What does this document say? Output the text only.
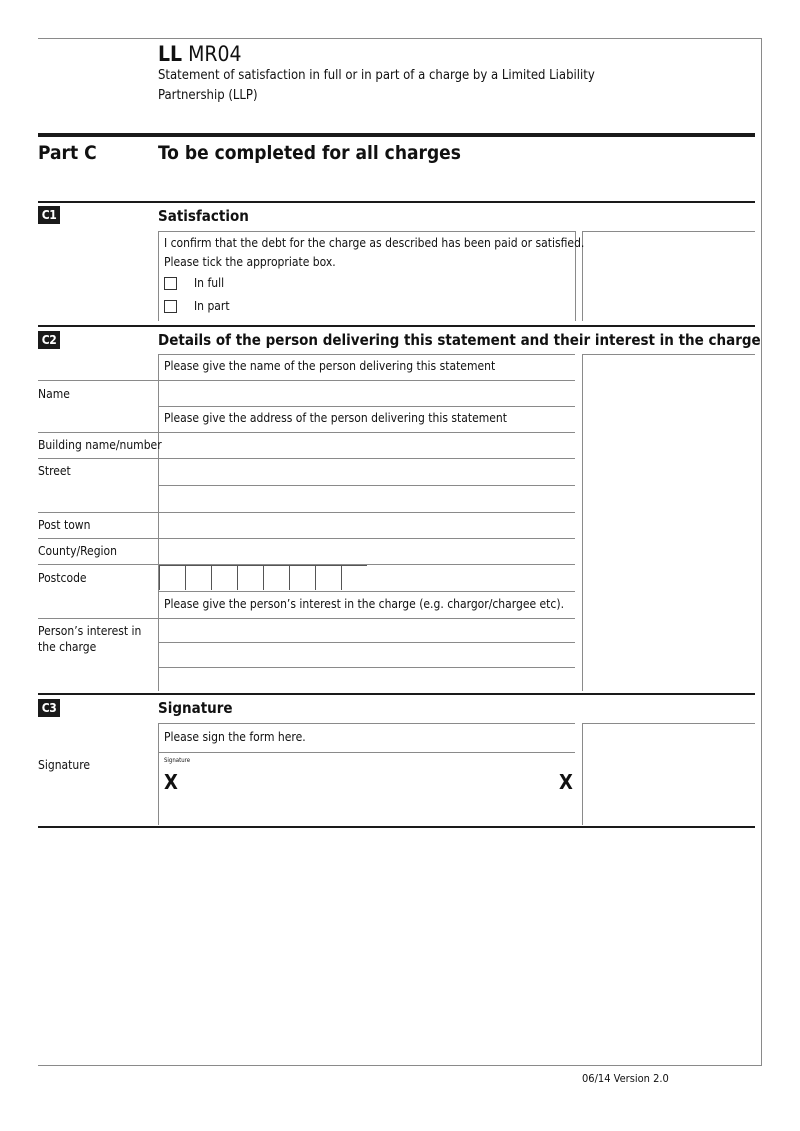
LL MR04
Statement of satisfaction in full or in part of a charge by a Limited Liability
Partnership (LLP)
Part C	To be completed for all charges
C1	Satisfaction
I confirm that the debt for the charge as described has been paid or satisfied.
Please tick the appropriate box.
In full
In part
C2	Details of the person delivering this statement and their interest in the charge
Please give the name of the person delivering this statement
Name
Please give the address of the person delivering this statement
Building name/number
Street
Post town
County/Region
Postcode
Please give the person’s interest in the charge (e.g. chargor/chargee etc).
Person’s interest in
the charge
C3	Signature
Please sign the form here.
Signature	Signature
X	X
06/14 Version 2.0
